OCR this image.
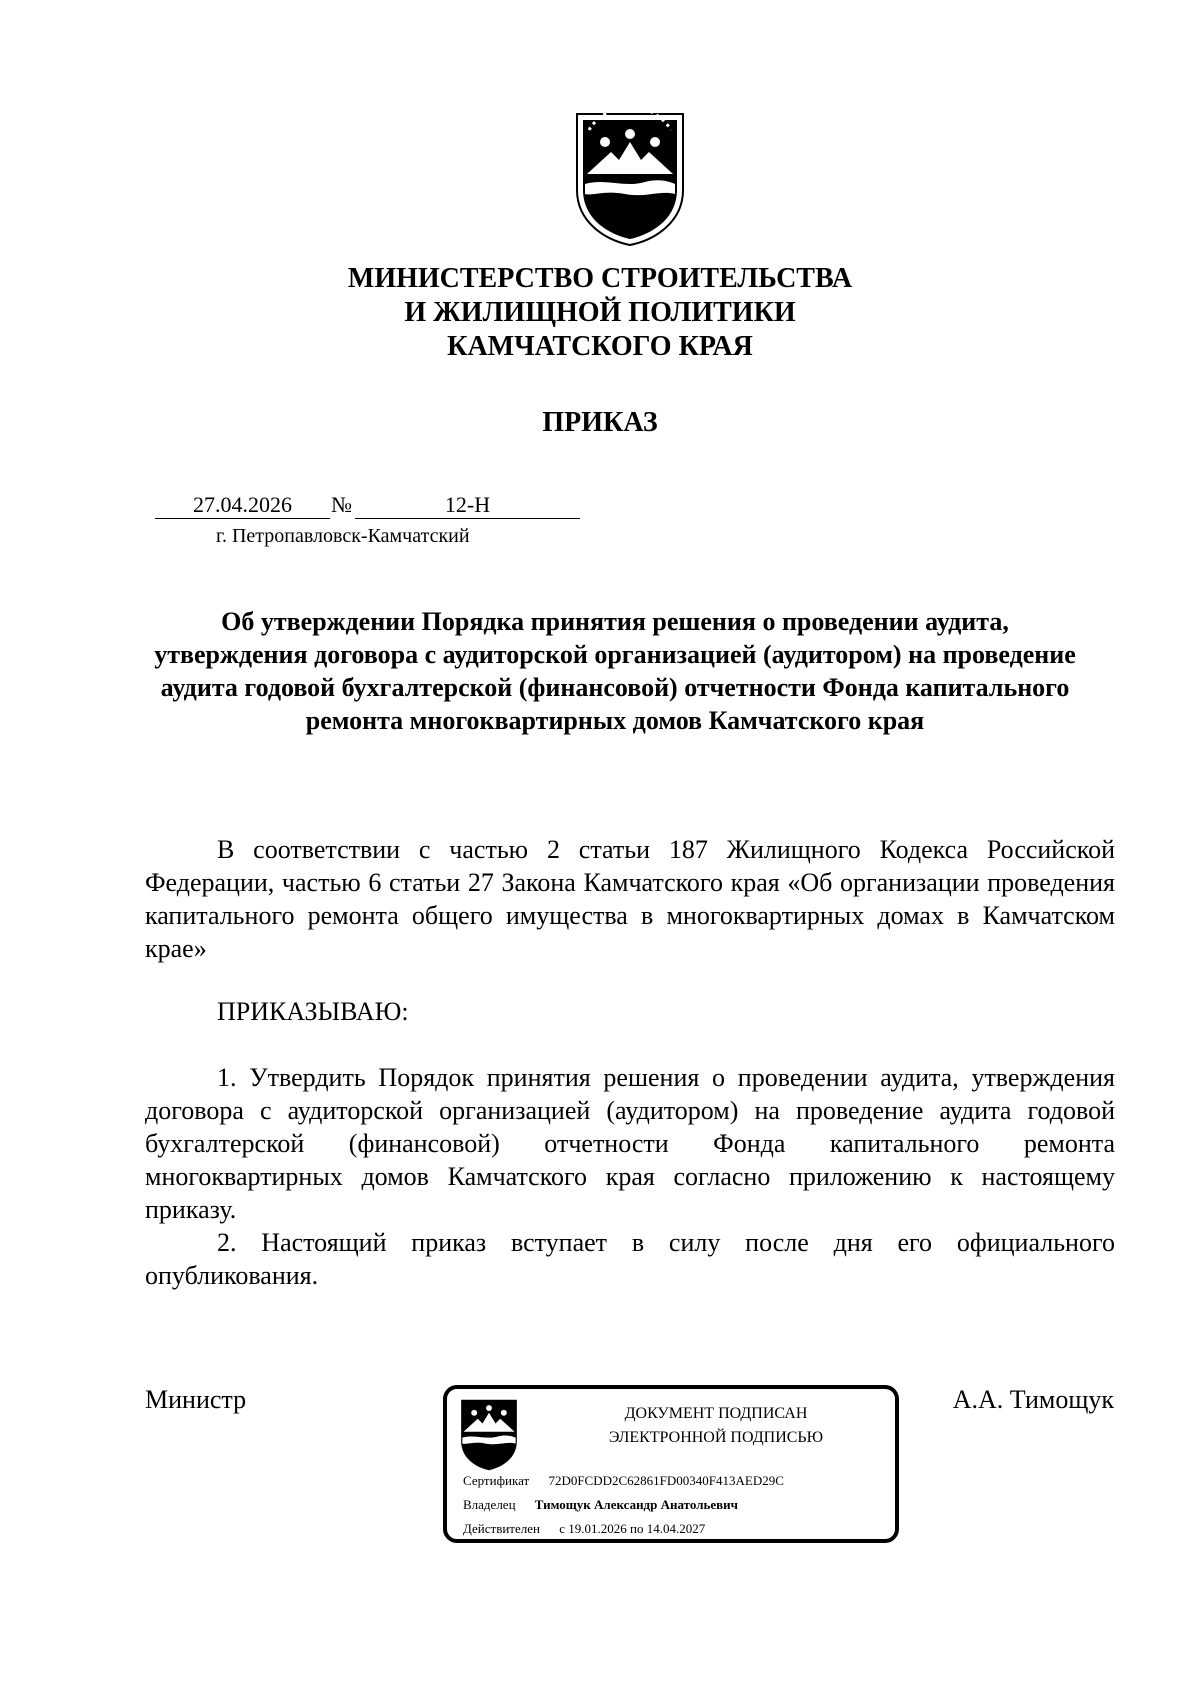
МИНИСТЕРСТВО СТРОИТЕЛЬСТВА
И ЖИЛИЩНОЙ ПОЛИТИКИ
КАМЧАТСКОГО КРАЯ
ПРИКАЗ
27.04.2026	№	12-Н
г. Петропавловск-Камчатский
Об утверждении Порядка принятия решения о проведении аудита, утверждения договора с аудиторской организацией (аудитором) на проведение аудита годовой бухгалтерской (финансовой) отчетности Фонда капитального ремонта многоквартирных домов Камчатского края

В соответствии с частью 2 статьи 187 Жилищного Кодекса Российской Федерации, частью 6 статьи 27 Закона Камчатского края «Об организации проведения капитального ремонта общего имущества в многоквартирных домах в Камчатском крае»

ПРИКАЗЫВАЮ:

1. Утвердить Порядок принятия решения о проведении аудита, утверждения договора с аудиторской организацией (аудитором) на проведение аудита годовой бухгалтерской (финансовой) отчетности Фонда капитального ремонта многоквартирных домов Камчатского края согласно приложению к настоящему приказу.

2. Настоящий приказ вступает в силу после дня его официального опубликования.

Министр	А.А. Тимощук
ДОКУМЕНТ ПОДПИСАН
ЭЛЕКТРОННОЙ ПОДПИСЬЮ
Сертификат 72D0FCDD2C62861FD00340F413AED29C
Владелец Тимощук Александр Анатольевич
Действителен с 19.01.2026 по 14.04.2027
